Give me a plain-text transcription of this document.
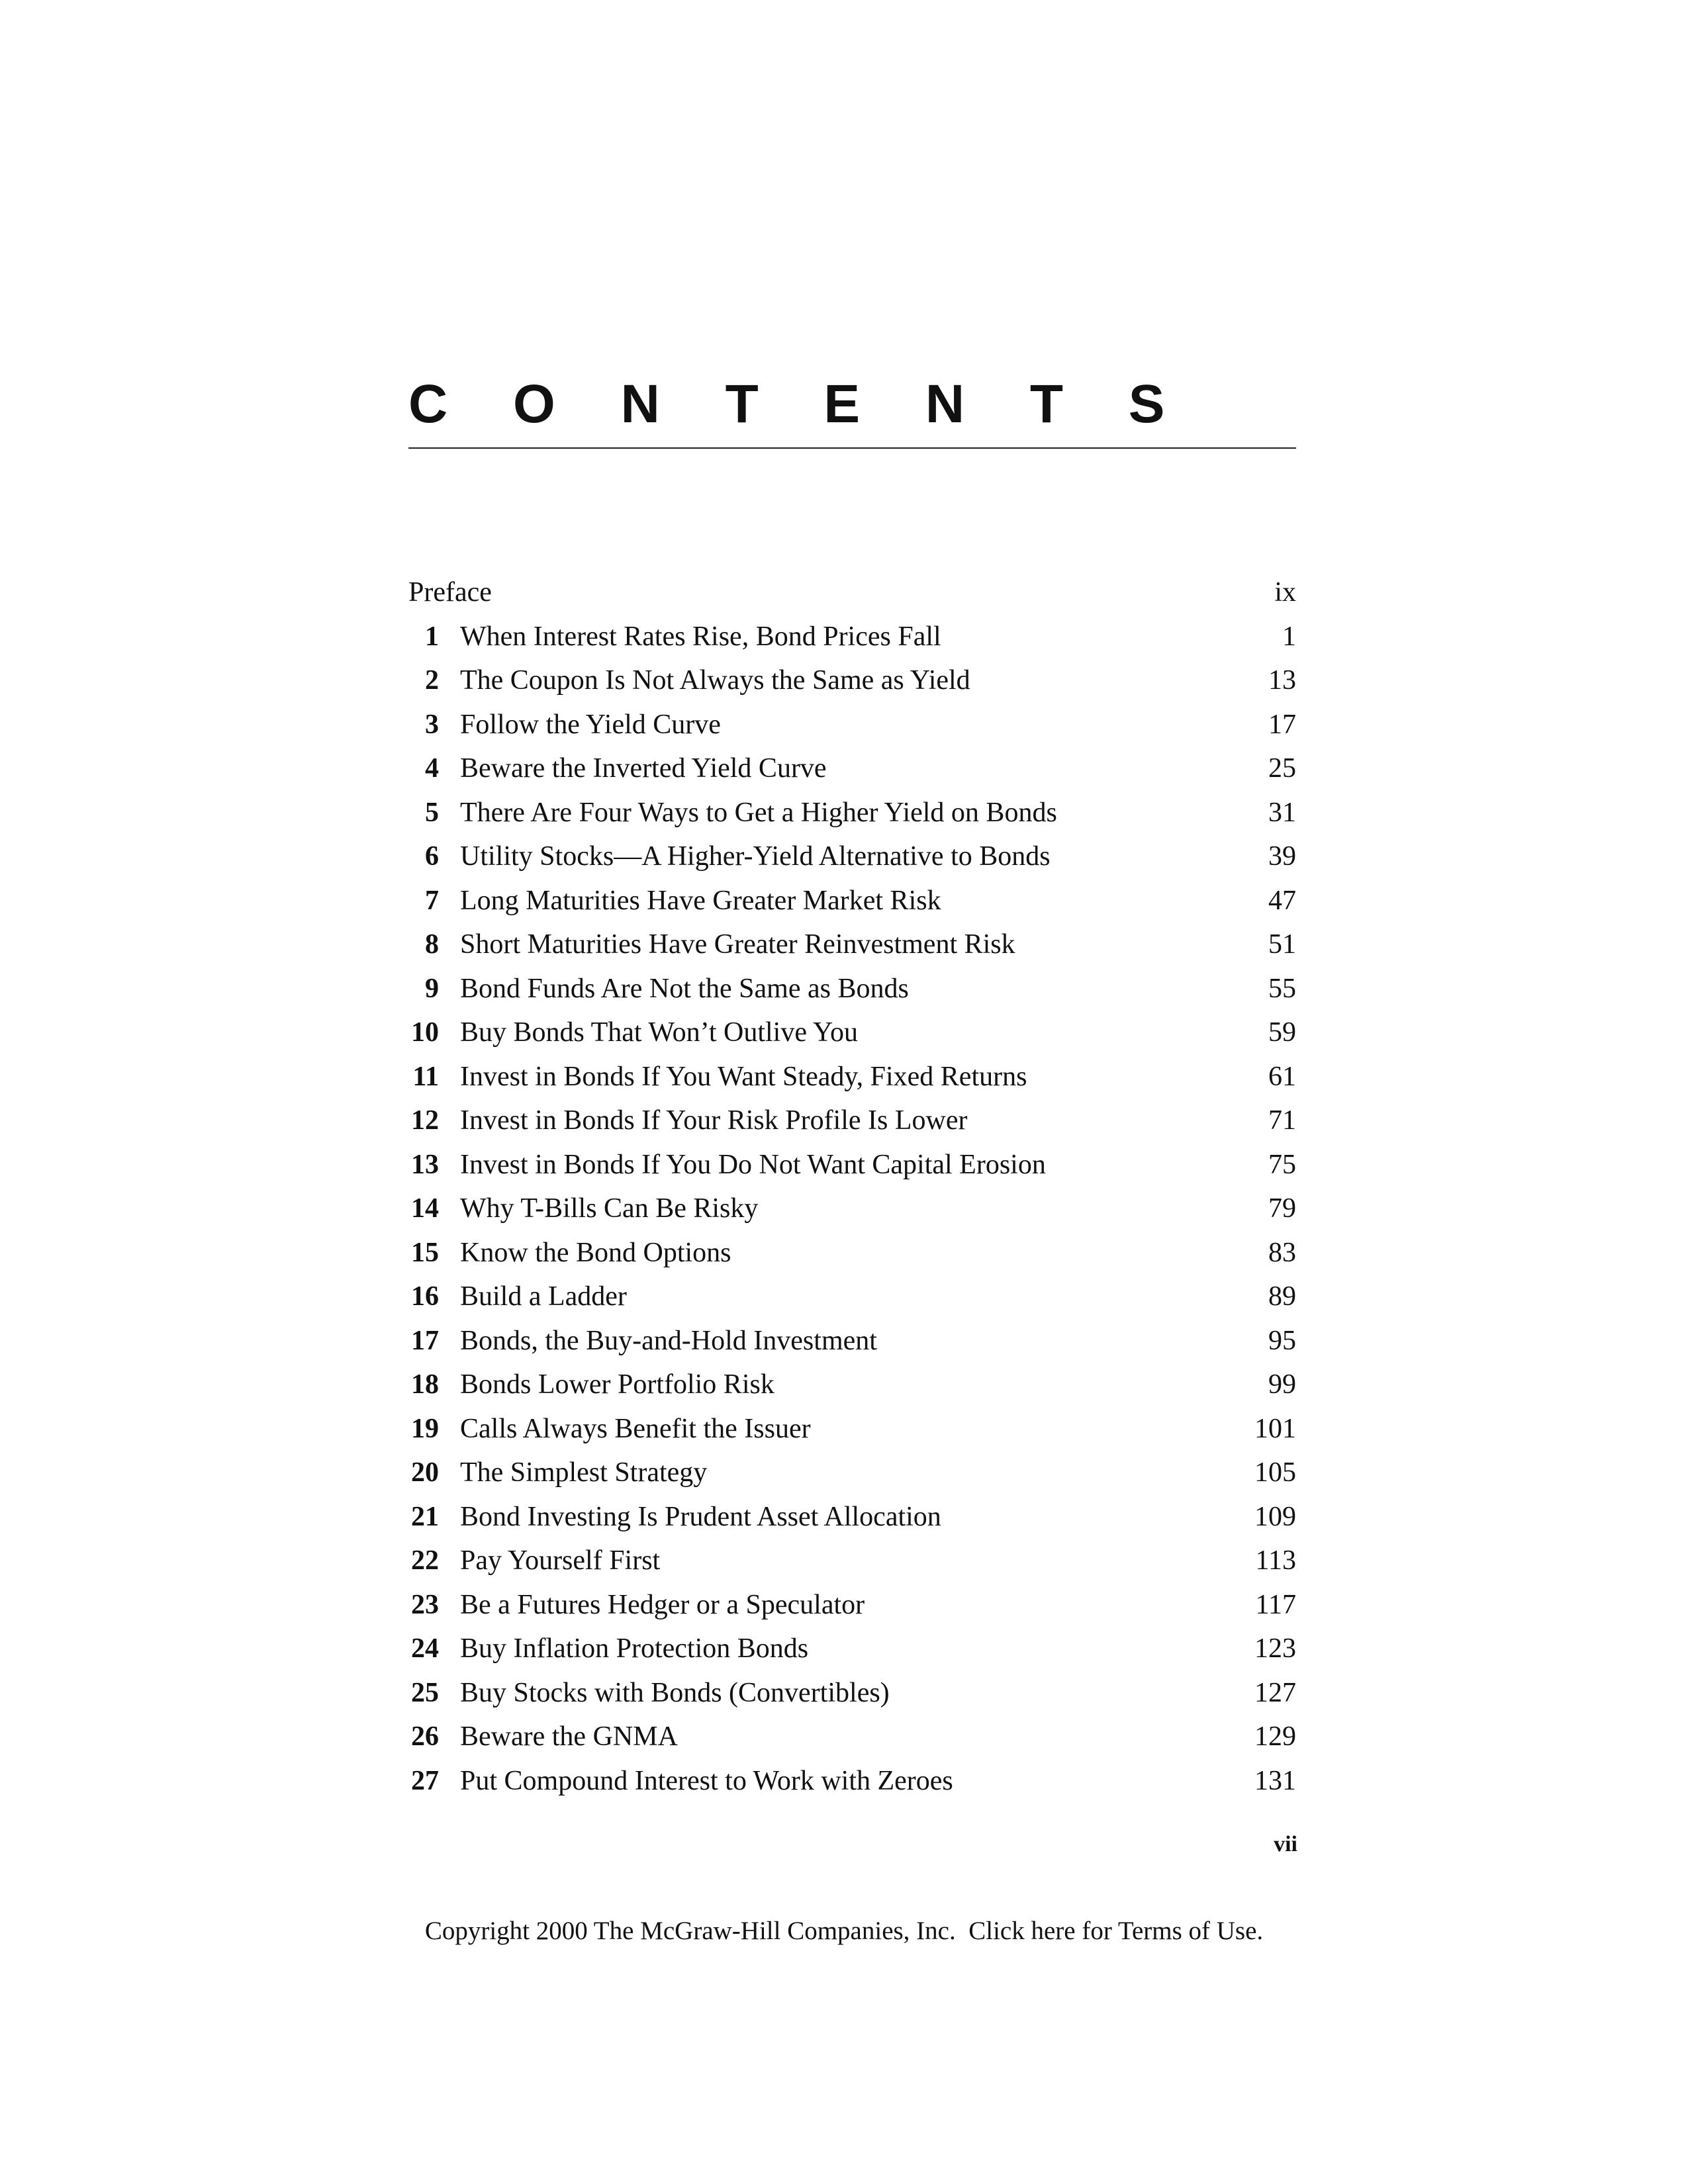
C O N T E N T S
Preface	ix
1 When Interest Rates Rise, Bond Prices Fall	1
2 The Coupon Is Not Always the Same as Yield	13
3 Follow the Yield Curve	17
4 Beware the Inverted Yield Curve	25
5 There Are Four Ways to Get a Higher Yield on Bonds	31
6 Utility Stocks—A Higher-Yield Alternative to Bonds	39
7 Long Maturities Have Greater Market Risk	47
8 Short Maturities Have Greater Reinvestment Risk	51
9 Bond Funds Are Not the Same as Bonds	55
10 Buy Bonds That Won’t Outlive You	59
11 Invest in Bonds If You Want Steady, Fixed Returns	61
12 Invest in Bonds If Your Risk Profile Is Lower	71
13 Invest in Bonds If You Do Not Want Capital Erosion	75
14 Why T-Bills Can Be Risky	79
15 Know the Bond Options	83
16 Build a Ladder	89
17 Bonds, the Buy-and-Hold Investment	95
18 Bonds Lower Portfolio Risk	99
19 Calls Always Benefit the Issuer	101
20 The Simplest Strategy	105
21 Bond Investing Is Prudent Asset Allocation	109
22 Pay Yourself First	113
23 Be a Futures Hedger or a Speculator	117
24 Buy Inflation Protection Bonds	123
25 Buy Stocks with Bonds (Convertibles)	127
26 Beware the GNMA	129
27 Put Compound Interest to Work with Zeroes	131
vii
Copyright 2000 The McGraw-Hill Companies, Inc. Click here for Terms of Use.
